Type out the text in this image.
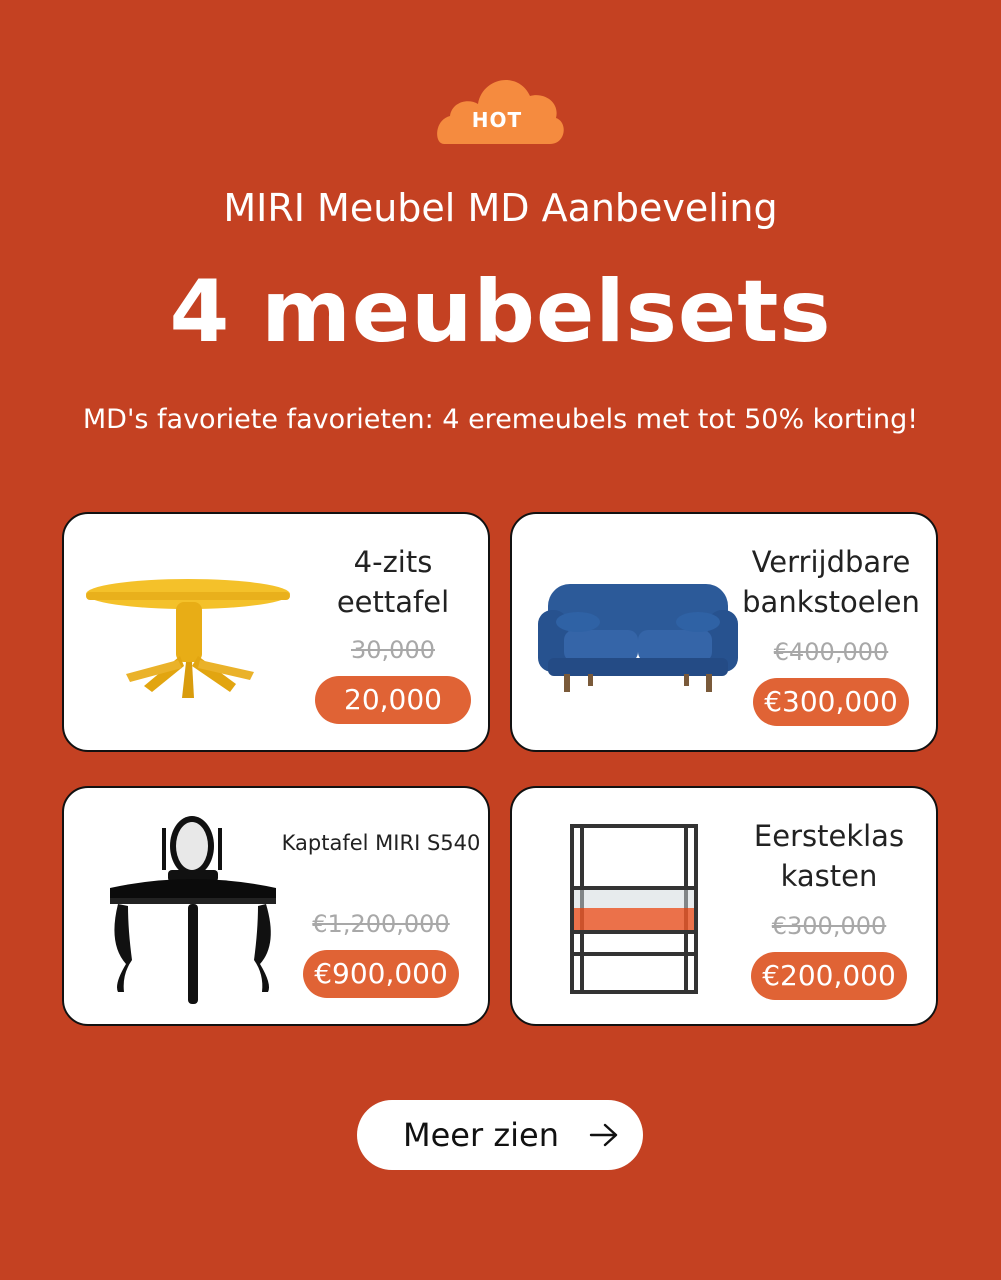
HOT
MIRI Meubel MD Aanbeveling
4 meubelsets
MD's favoriete favorieten: 4 eremeubels met tot 50% korting!
4-zits
eettafel
30,000
20,000
Verrijdbare
bankstoelen
€400,000
€300,000
Kaptafel MIRI S540
€1,200,000
€900,000
Eersteklas
kasten
€300,000
€200,000
Meer zien
